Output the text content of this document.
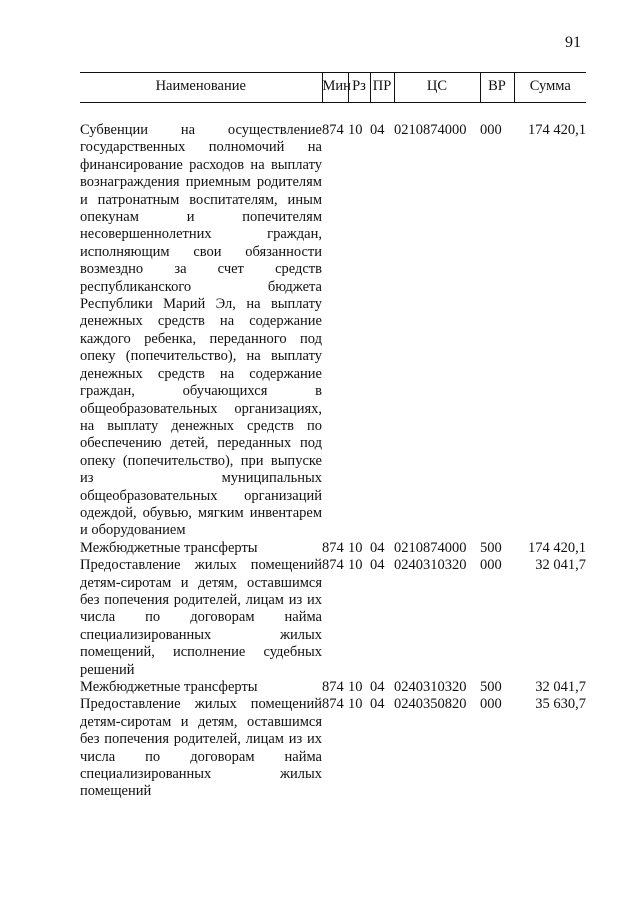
91
Наименование	Мин	Рз	ПР	ЦС	ВР	Сумма

Субвенции на осуществление государственных полномочий на финансирование расходов на выплату вознаграждения приемным родителям и патронатным воспитателям, иным опекунам и попечителям несовершеннолетних граждан, исполняющим свои обязанности возмездно за счет средств республиканского бюджета Республики Марий Эл, на выплату денежных средств на содержание каждого ребенка, переданного под опеку (попечительство), на выплату денежных средств на содержание граждан, обучающихся в общеобразовательных организациях, на выплату денежных средств по обеспечению детей, переданных под опеку (попечительство), при выпуске из муниципальных общеобразовательных организаций одеждой, обувью, мягким инвентарем и оборудованием	874	10	04	0210874000	000	174 420,1
Межбюджетные трансферты	874	10	04	0210874000	500	174 420,1
Предоставление жилых помещений детям-сиротам и детям, оставшимся без попечения родителей, лицам из их числа по договорам найма специализированных жилых помещений, исполнение судебных решений	874	10	04	0240310320	000	32 041,7
Межбюджетные трансферты	874	10	04	0240310320	500	32 041,7
Предоставление жилых помещений детям-сиротам и детям, оставшимся без попечения родителей, лицам из их числа по договорам найма специализированных жилых помещений	874	10	04	0240350820	000	35 630,7
